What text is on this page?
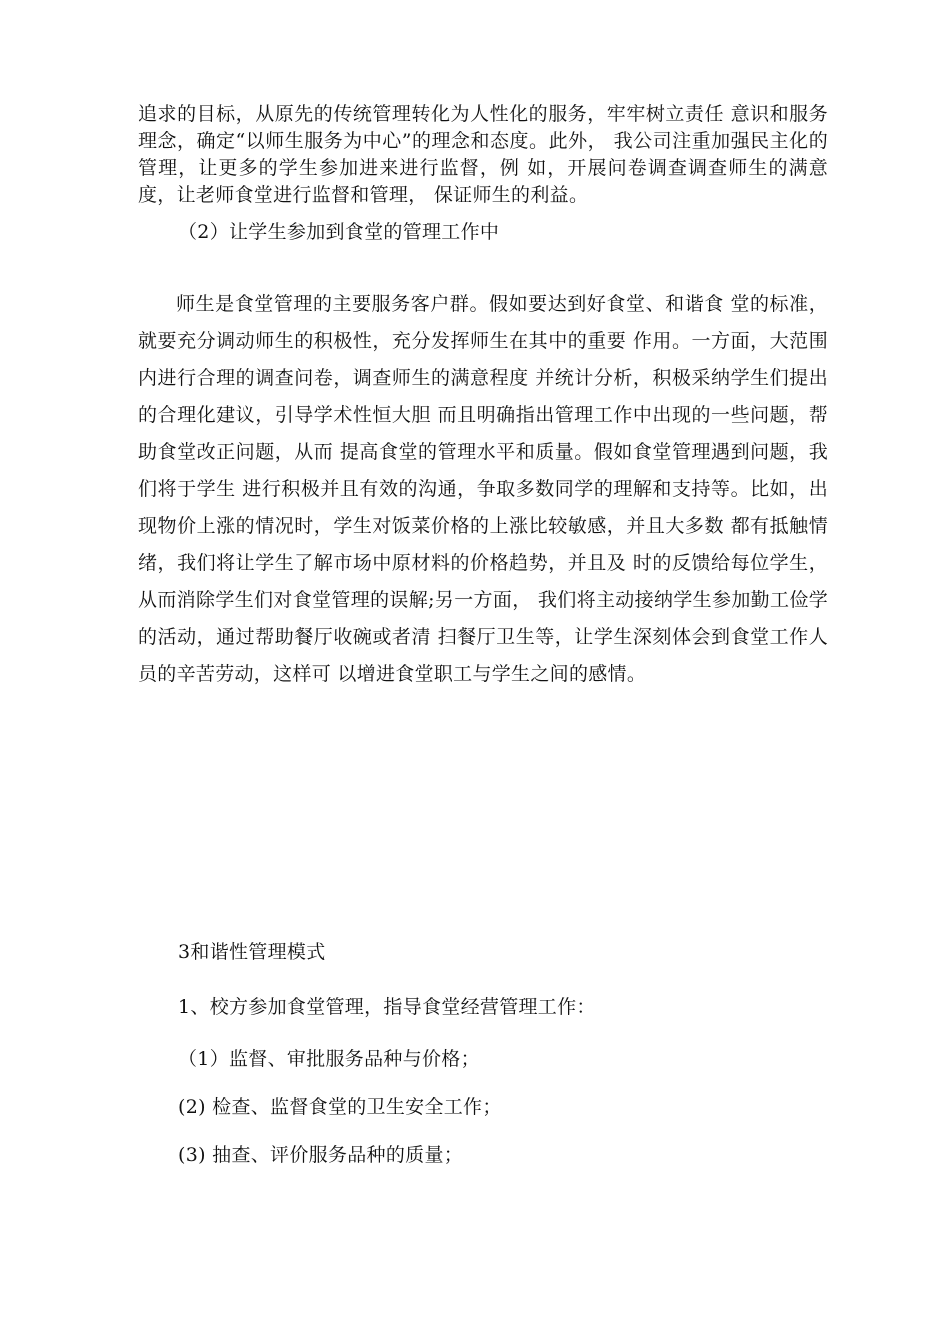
追求的目标，从原先的传统管理转化为人性化的服务，牢牢树立责任 意识和服务理念，确定“以师生服务为中心”的理念和态度。此外， 我公司注重加强民主化的管理，让更多的学生参加进来进行监督，例 如，开展问卷调查调查师生的满意度，让老师食堂进行监督和管理， 保证师生的利益。

（2）让学生参加到食堂的管理工作中

师生是食堂管理的主要服务客户群。假如要达到好食堂、和谐食 堂的标准，就要充分调动师生的积极性，充分发挥师生在其中的重要 作用。一方面，大范围内进行合理的调查问卷，调查师生的满意程度 并统计分析，积极采纳学生们提出的合理化建议，引导学术性恒大胆 而且明确指出管理工作中出现的一些问题，帮助食堂改正问题，从而 提高食堂的管理水平和质量。假如食堂管理遇到问题，我们将于学生 进行积极并且有效的沟通，争取多数同学的理解和支持等。比如，出 现物价上涨的情况时，学生对饭菜价格的上涨比较敏感，并且大多数 都有抵触情绪，我们将让学生了解市场中原材料的价格趋势，并且及 时的反馈给每位学生，从而消除学生们对食堂管理的误解;另一方面， 我们将主动接纳学生参加勤工俭学的活动，通过帮助餐厅收碗或者清 扫餐厅卫生等，让学生深刻体会到食堂工作人员的辛苦劳动，这样可 以增进食堂职工与学生之间的感情。

3和谐性管理模式

1、校方参加食堂管理，指导食堂经营管理工作：

（1）监督、审批服务品种与价格；

(2) 检查、监督食堂的卫生安全工作；

(3) 抽查、评价服务品种的质量；
